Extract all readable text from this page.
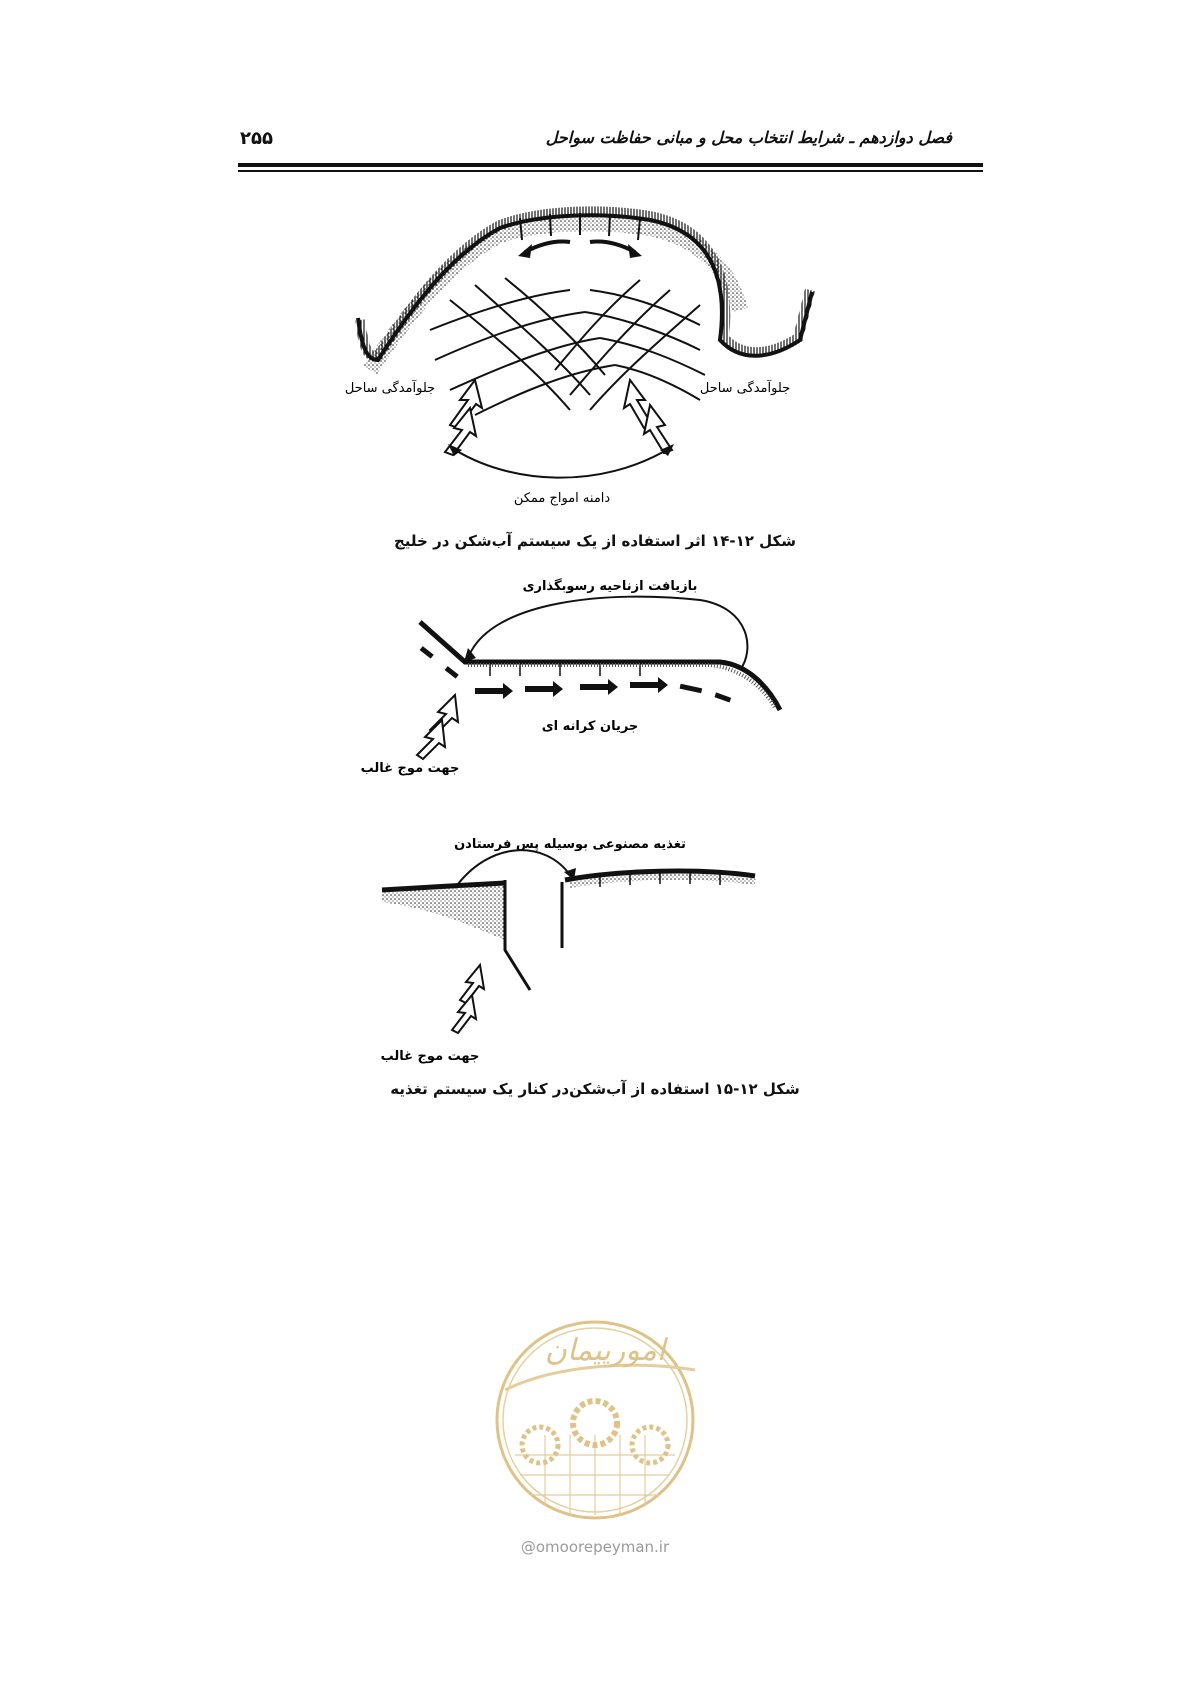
فصل دوازدهم ـ شرایط انتخاب محل و مبانی حفاظت سواحل
۲۵۵
جلوآمدگی ساحل	جلوآمدگی ساحل
دامنه امواج ممکن
شکل ۱۲-۱۴ اثر استفاده از یک سیستم آب‌شکن در خلیج
بازیافت ازناحیه رسوبگذاری
جریان کرانه ای
جهت موج غالب
تغذیه مصنوعی بوسیله پس فرستادن
جهت موج غالب
شکل ۱۲-۱۵ استفاده از آب‌شکن‌در کنار یک سیستم تغذیه
امورپیمان
@omoorepeyman.ir
